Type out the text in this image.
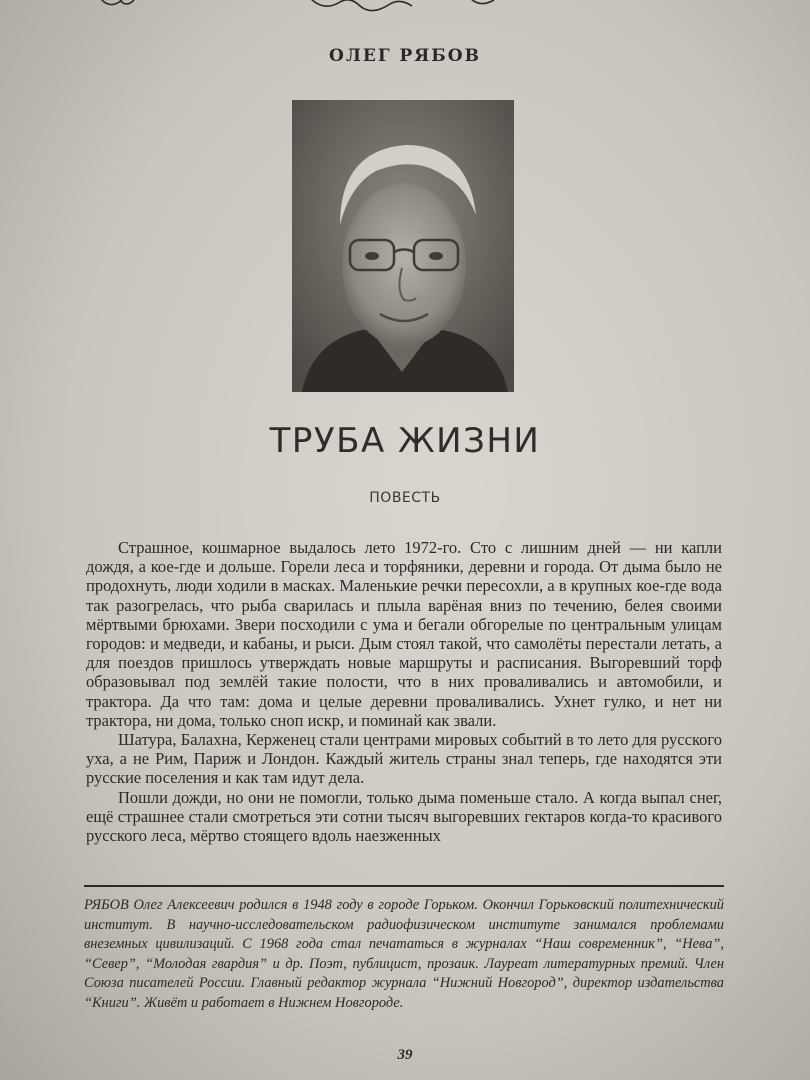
ОЛЕГ РЯБОВ
ТРУБА ЖИЗНИ
ПОВЕСТЬ

Страшное, кошмарное выдалось лето 1972-го. Сто с лишним дней — ни капли дождя, а кое-где и дольше. Горели леса и торфяники, деревни и города. От дыма было не продохнуть, люди ходили в масках. Маленькие речки пересохли, а в крупных кое-где вода так разогрелась, что рыба сварилась и плыла варёная вниз по течению, белея своими мёртвыми брюхами. Звери посходили с ума и бегали обгорелые по центральным улицам городов: и медведи, и кабаны, и рыси. Дым стоял такой, что самолёты перестали летать, а для поездов пришлось утверждать новые маршруты и расписания. Выгоревший торф образовывал под землёй такие полости, что в них проваливались и автомобили, и трактора. Да что там: дома и целые деревни проваливались. Ухнет гулко, и нет ни трактора, ни дома, только сноп искр, и поминай как звали.

Шатура, Балахна, Керженец стали центрами мировых событий в то лето для русского уха, а не Рим, Париж и Лондон. Каждый житель страны знал теперь, где находятся эти русские поселения и как там идут дела.

Пошли дожди, но они не помогли, только дыма поменьше стало. А когда выпал снег, ещё страшнее стали смотреться эти сотни тысяч выгоревших гектаров когда-то красивого русского леса, мёртво стоящего вдоль наезженных

РЯБОВ Олег Алексеевич родился в 1948 году в городе Горьком. Окончил Горьковский политехнический институт. В научно-исследовательском радиофизическом институте занимался проблемами внеземных цивилизаций. С 1968 года стал печататься в журналах “Наш современник”, “Нева”, “Север”, “Молодая гвардия” и др. Поэт, публицист, прозаик. Лауреат литературных премий. Член Союза писателей России. Главный редактор журнала “Нижний Новгород”, директор издательства “Книги”. Живёт и работает в Нижнем Новгороде.
39
